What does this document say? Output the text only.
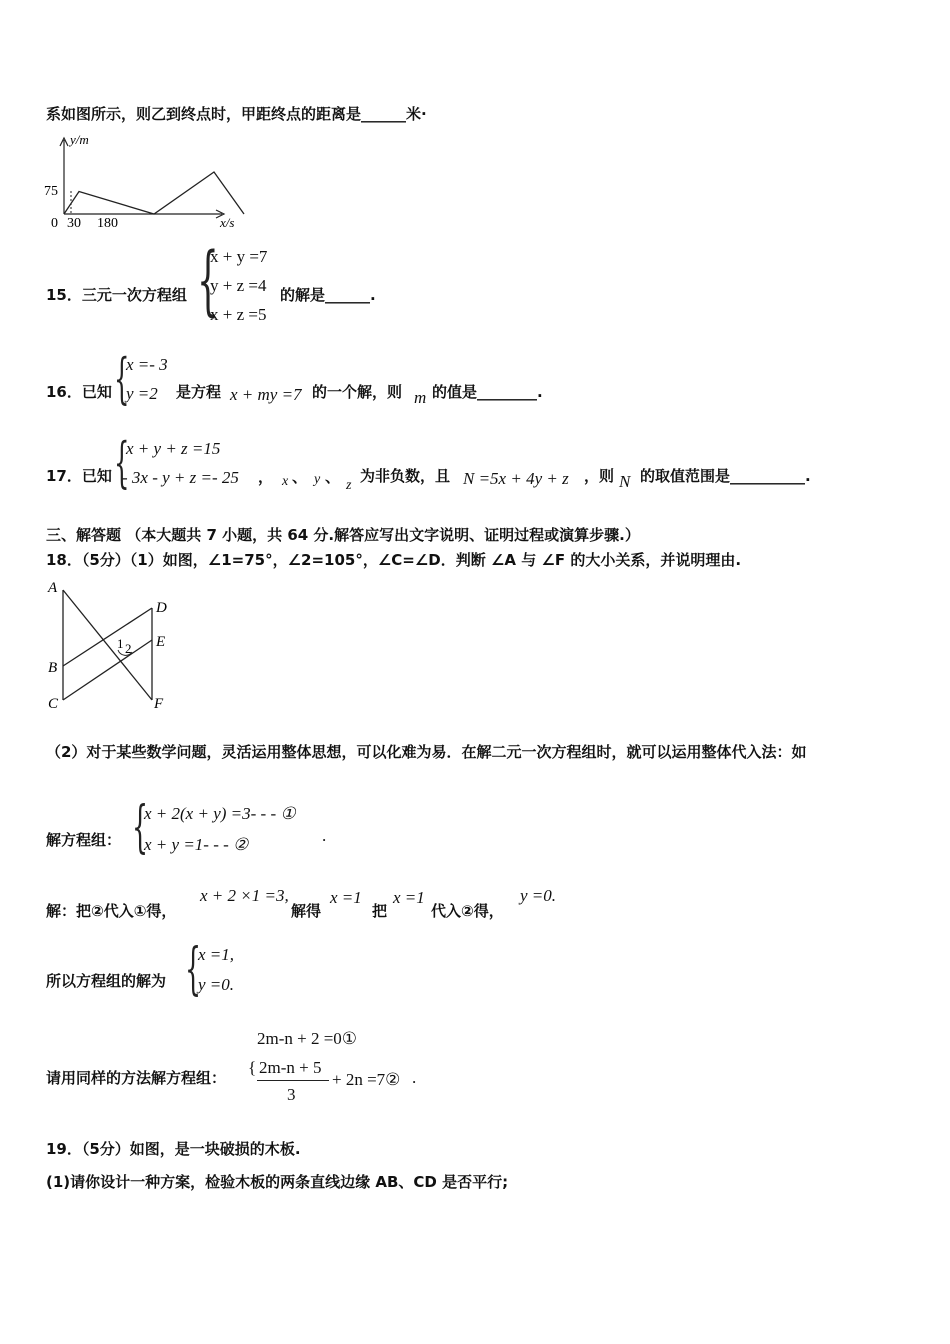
系如图所示，则乙到终点时，甲距终点的距离是______米·
y/m
x/s
75
0 30 180
15．三元一次方程组 {
x + y =7
y + z =4
x + z =5
的解是______.
16．已知 {
x =- 3
y =2 是方程 x + my =7 的一个解，则 m 的值是________.
17．已知 {
x + y + z =15
- 3x - y + z =- 25 ， x 、 y 、 z
为非负数，且 N =5x + 4y + z ，则 N 的取值范围是__________.
三、解答题 （本大题共 7 小题，共 64 分.解答应写出文字说明、证明过程或演算步骤.）
18．（5分）（1）如图，∠1=75°，∠2=105°，∠C=∠D．判断 ∠A 与 ∠F 的大小关系，并说明理由.
A
B
C
D
E
F
1 2
（2）对于某些数学问题，灵活运用整体思想，可以化难为易．在解二元一次方程组时，就可以运用整体代入法：如
解方程组： {
x + 2(x + y) =3- - - ①
x + y =1- - - ②	.
解：把②代入①得，
x + 2 ×1 =3,
解得
x =1
把
x =1
代入②得，
y =0.
所以方程组的解为 {
x =1,
y =0.
2m-n + 2 =0①
请用同样的方法解方程组：
{ 2m-n + 5
3
+ 2n =7② .
19．（5分）如图，是一块破损的木板.
(1)请你设计一种方案，检验木板的两条直线边缘 AB、CD 是否平行;
